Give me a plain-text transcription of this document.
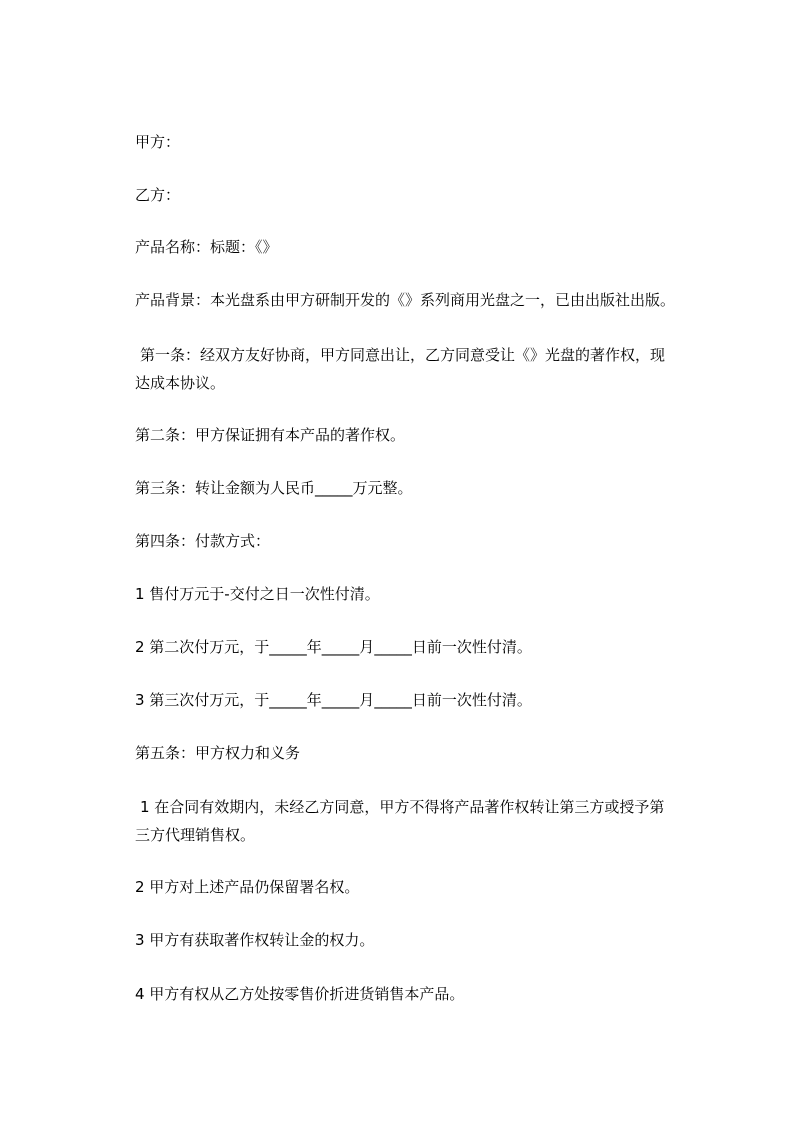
甲方：
乙方：
产品名称：标题：《》
产品背景：本光盘系由甲方研制开发的《》系列商用光盘之一，已由出版社出版。
第一条：经双方友好协商，甲方同意出让，乙方同意受让《》光盘的著作权，现
达成本协议。
第二条：甲方保证拥有本产品的著作权。
第三条：转让金额为人民币_____万元整。
第四条：付款方式：
1 售付万元于-交付之日一次性付清。
2 第二次付万元，于_____年_____月_____日前一次性付清。
3 第三次付万元，于_____年_____月_____日前一次性付清。
第五条：甲方权力和义务
1 在合同有效期内，未经乙方同意，甲方不得将产品著作权转让第三方或授予第
三方代理销售权。
2 甲方对上述产品仍保留署名权。
3 甲方有获取著作权转让金的权力。
4 甲方有权从乙方处按零售价折进货销售本产品。
